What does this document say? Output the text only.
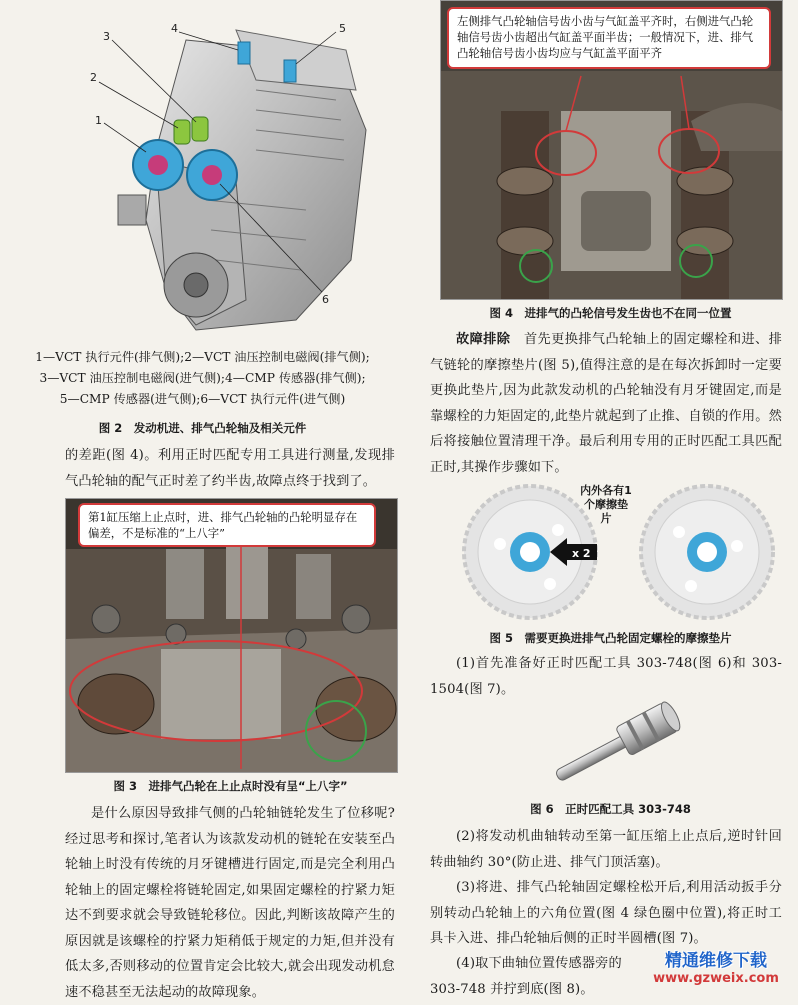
1
2
3
4	5
6
1—VCT 执行元件(排气侧);2—VCT 油压控制电磁阀(排气侧);
3—VCT 油压控制电磁阀(进气侧);4—CMP 传感器(排气侧);
5—CMP 传感器(进气侧);6—VCT 执行元件(进气侧)
图 2　发动机进、排气凸轮轴及相关元件
的差距(图 4)。利用正时匹配专用工具进行测量,发现排气凸轮轴的配气正时差了约半齿,故障点终于找到了。
第1缸压缩上止点时，进、排气凸轮轴的凸轮明显存在偏差，不是标准的“上八字”
图 3　进排气凸轮在上止点时没有呈“上八字”
是什么原因导致排气侧的凸轮轴链轮发生了位移呢?经过思考和探讨,笔者认为该款发动机的链轮在安装至凸轮轴上时没有传统的月牙键槽进行固定,而是完全利用凸轮轴上的固定螺栓将链轮固定,如果固定螺栓的拧紧力矩达不到要求就会导致链轮移位。因此,判断该故障产生的原因就是该螺栓的拧紧力矩稍低于规定的力矩,但并没有低太多,否则移动的位置肯定会比较大,就会出现发动机怠速不稳甚至无法起动的故障现象。
左侧排气凸轮轴信号齿小齿与气缸盖平齐时，右侧进气凸轮轴信号齿小齿超出气缸盖平面半齿；一般情况下，进、排气凸轮轴信号齿小齿均应与气缸盖平面平齐
图 4　进排气的凸轮信号发生齿也不在同一位置
故障排除　首先更换排气凸轮轴上的固定螺栓和进、排气链轮的摩擦垫片(图 5),值得注意的是在每次拆卸时一定要更换此垫片,因为此款发动机的凸轮轴没有月牙键固定,而是靠螺栓的力矩固定的,此垫片就起到了止推、自锁的作用。然后将接触位置清理干净。最后利用专用的正时匹配工具匹配正时,其操作步骤如下。
x 2
内外各有1 个摩擦垫片
图 5　需要更换进排气凸轮固定螺栓的摩擦垫片
(1)首先准备好正时匹配工具 303-748(图 6)和 303-1504(图 7)。
图 6　正时匹配工具 303-748
(2)将发动机曲轴转动至第一缸压缩上止点后,逆时针回转曲轴约 30°(防止进、排气门顶活塞)。
(3)将进、排气凸轮轴固定螺栓松开后,利用活动扳手分别转动凸轮轴上的六角位置(图 4 绿色圈中位置),将正时工具卡入进、排凸轮轴后侧的正时半圆槽(图 7)。
(4)取下曲轴位置传感器旁的
303-748 并拧到底(图 8)。
精通维修下载
www.gzweix.com
